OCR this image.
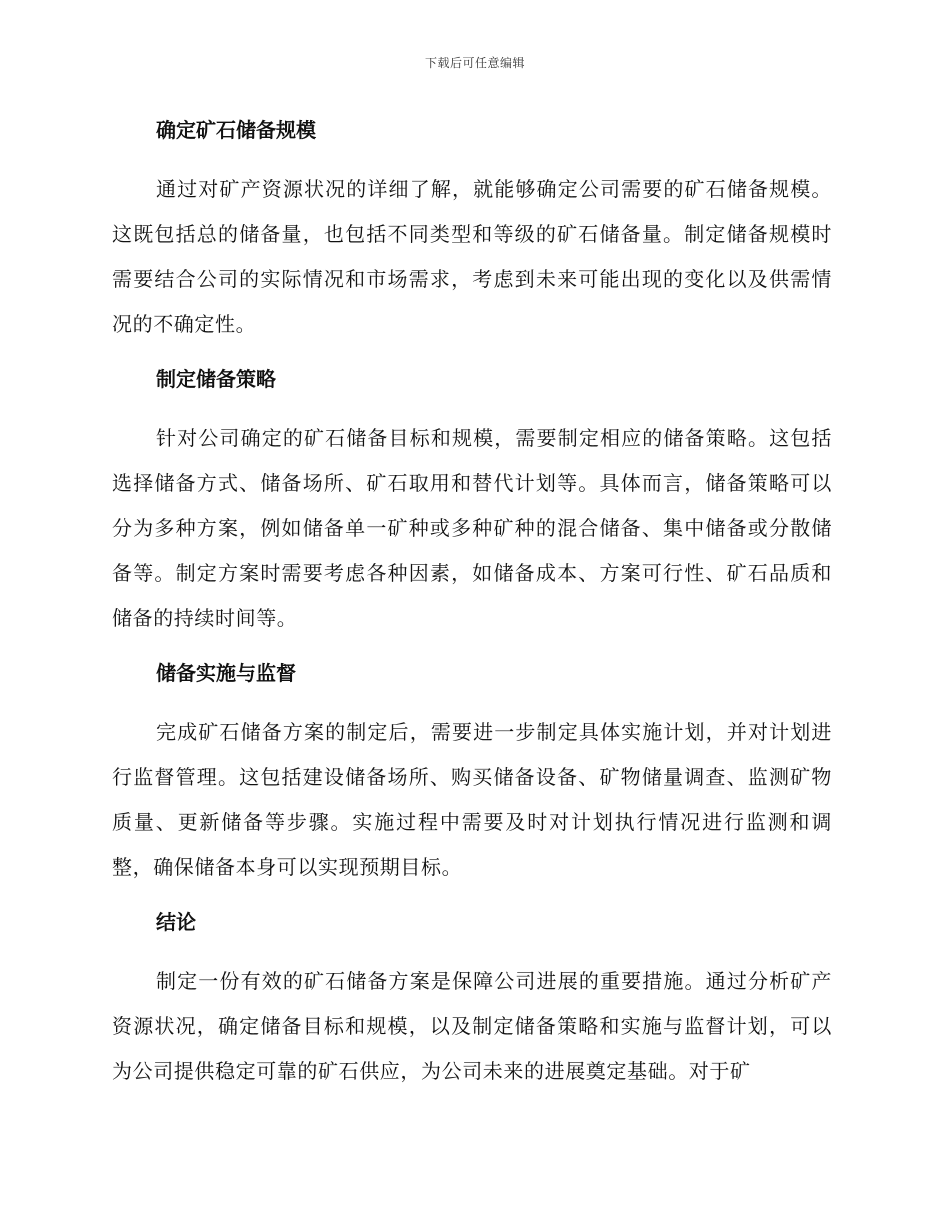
下载后可任意编辑
确定矿石储备规模

通过对矿产资源状况的详细了解，就能够确定公司需要的矿石储备规模。这既包括总的储备量，也包括不同类型和等级的矿石储备量。制定储备规模时需要结合公司的实际情况和市场需求，考虑到未来可能出现的变化以及供需情况的不确定性。

制定储备策略

针对公司确定的矿石储备目标和规模，需要制定相应的储备策略。这包括选择储备方式、储备场所、矿石取用和替代计划等。具体而言，储备策略可以分为多种方案，例如储备单一矿种或多种矿种的混合储备、集中储备或分散储备等。制定方案时需要考虑各种因素，如储备成本、方案可行性、矿石品质和储备的持续时间等。

储备实施与监督

完成矿石储备方案的制定后，需要进一步制定具体实施计划，并对计划进行监督管理。这包括建设储备场所、购买储备设备、矿物储量调查、监测矿物质量、更新储备等步骤。实施过程中需要及时对计划执行情况进行监测和调整，确保储备本身可以实现预期目标。

结论

制定一份有效的矿石储备方案是保障公司进展的重要措施。通过分析矿产资源状况，确定储备目标和规模，以及制定储备策略和实施与监督计划，可以为公司提供稳定可靠的矿石供应，为公司未来的进展奠定基础。对于矿
